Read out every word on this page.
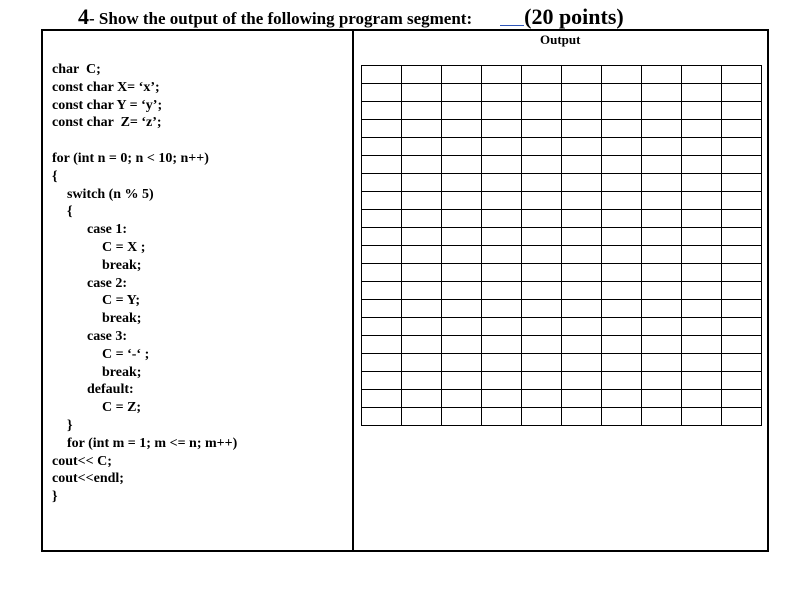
4- Show the output of the following program segment: (20 points)
Output
char  C;
const char X= ‘x’;
const char Y = ‘y’;
const char  Z= ‘z’;
for (int n = 0; n < 10; n++)
{
switch (n % 5)
{
case 1:
C = X ;
break;
case 2:
C = Y;
break;
case 3:
C = ‘-‘ ;
break;
default:
C = Z;
}
for (int m = 1; m <= n; m++)
cout<< C;
cout<<endl;
}
